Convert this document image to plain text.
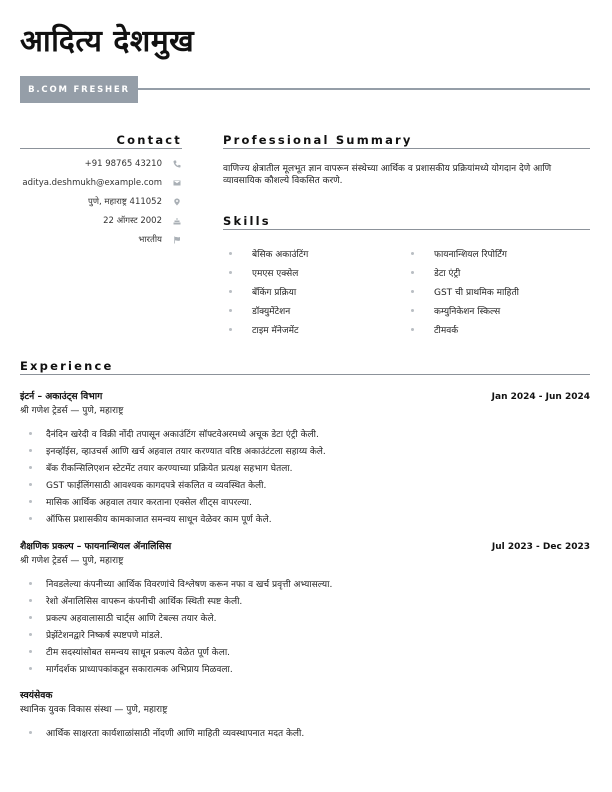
आदित्य देशमुख
B.COM FRESHER
Contact
+91 98765 43210
aditya.deshmukh@example.com
पुणे, महाराष्ट्र 411052
22 ऑगस्ट 2002
भारतीय
Professional Summary
वाणिज्य क्षेत्रातील मूलभूत ज्ञान वापरून संस्थेच्या आर्थिक व प्रशासकीय प्रक्रियांमध्ये योगदान देणे आणि व्यावसायिक कौशल्ये विकसित करणे.
Skills
बेसिक अकाउंटिंग	फायनान्शियल रिपोर्टिंग
एमएस एक्सेल	डेटा एंट्री
बँकिंग प्रक्रिया	GST ची प्राथमिक माहिती
डॉक्युमेंटेशन	कम्युनिकेशन स्किल्स
टाइम मॅनेजमेंट	टीमवर्क
Experience
इंटर्न – अकाउंट्स विभाग	Jan 2024 - Jun 2024
श्री गणेश ट्रेडर्स — पुणे, महाराष्ट्र
दैनंदिन खरेदी व विक्री नोंदी तपासून अकाउंटिंग सॉफ्टवेअरमध्ये अचूक डेटा एंट्री केली.
इनव्हॉईस, व्हाउचर्स आणि खर्च अहवाल तयार करण्यात वरिष्ठ अकाउंटंटला सहाय्य केले.
बँक रीकन्सिलिएशन स्टेटमेंट तयार करण्याच्या प्रक्रियेत प्रत्यक्ष सहभाग घेतला.
GST फाईलिंगसाठी आवश्यक कागदपत्रे संकलित व व्यवस्थित केली.
मासिक आर्थिक अहवाल तयार करताना एक्सेल शीट्स वापरल्या.
ऑफिस प्रशासकीय कामकाजात समन्वय साधून वेळेवर काम पूर्ण केले.
शैक्षणिक प्रकल्प – फायनान्शियल ॲनालिसिस	Jul 2023 - Dec 2023
श्री गणेश ट्रेडर्स — पुणे, महाराष्ट्र
निवडलेल्या कंपनीच्या आर्थिक विवरणांचे विश्लेषण करून नफा व खर्च प्रवृत्ती अभ्यासल्या.
रेशो ॲनालिसिस वापरून कंपनीची आर्थिक स्थिती स्पष्ट केली.
प्रकल्प अहवालासाठी चार्ट्स आणि टेबल्स तयार केले.
प्रेझेंटेशनद्वारे निष्कर्ष स्पष्टपणे मांडले.
टीम सदस्यांसोबत समन्वय साधून प्रकल्प वेळेत पूर्ण केला.
मार्गदर्शक प्राध्यापकांकडून सकारात्मक अभिप्राय मिळवला.
स्वयंसेवक
स्थानिक युवक विकास संस्था — पुणे, महाराष्ट्र
आर्थिक साक्षरता कार्यशाळांसाठी नोंदणी आणि माहिती व्यवस्थापनात मदत केली.
